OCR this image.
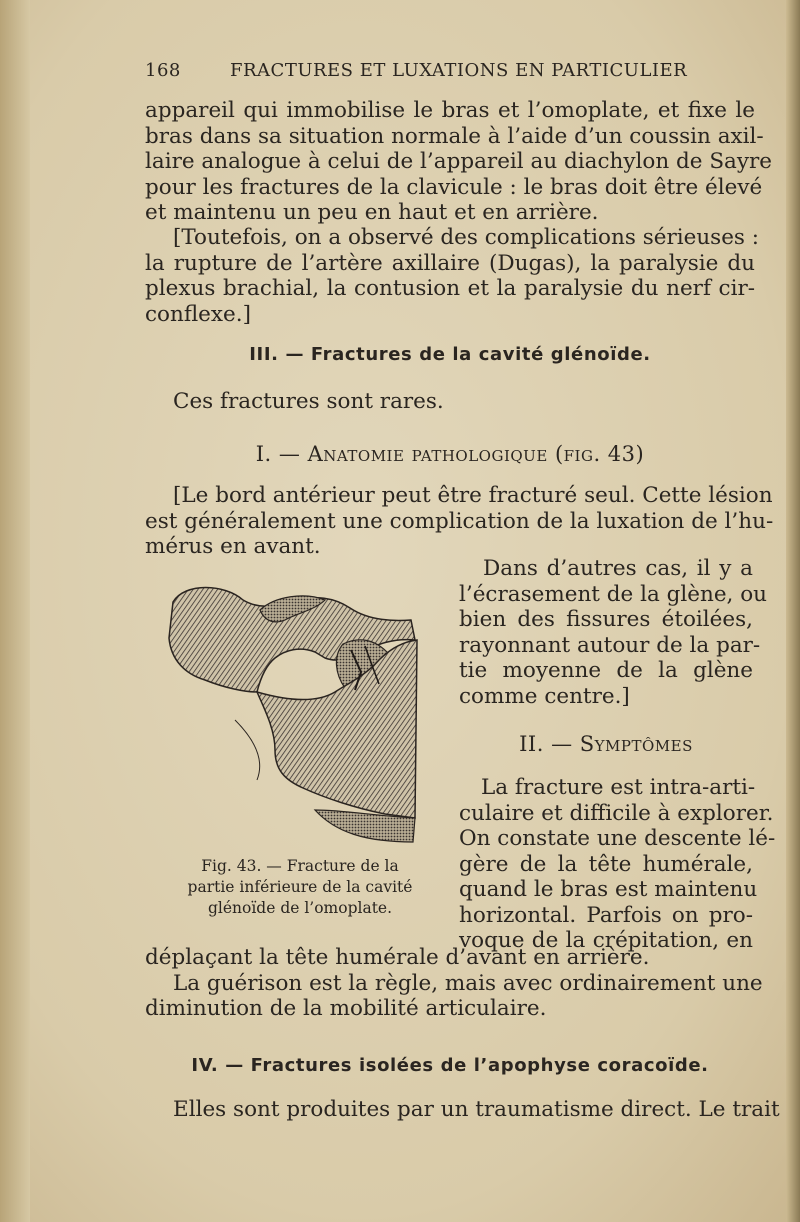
168	FRACTURES ET LUXATIONS EN PARTICULIER
appareil qui immobilise le bras et l’omoplate, et fixe le
bras dans sa situation normale à l’aide d’un coussin axil-
laire analogue à celui de l’appareil au diachylon de Sayre
pour les fractures de la clavicule : le bras doit être élevé
et maintenu un peu en haut et en arrière.
[Toutefois, on a observé des complications sérieuses :
la rupture de l’artère axillaire (Dugas), la paralysie du
plexus brachial, la contusion et la paralysie du nerf cir-
conflexe.]
III. — Fractures de la cavité glénoïde.
Ces fractures sont rares.
I. — Anatomie pathologique (fig. 43)
[Le bord antérieur peut être fracturé seul. Cette lésion
est généralement une complication de la luxation de l’hu-
mérus en avant.
Dans d’autres cas, il y a
l’écrasement de la glène, ou
bien des fissures étoilées,
rayonnant autour de la par-
tie moyenne de la glène
comme centre.]
II. — Symptômes
La fracture est intra-arti-
culaire et difficile à explorer.
On constate une descente lé-
gère de la tête humérale,
quand le bras est maintenu
horizontal. Parfois on pro-
voque de la crépitation, en
déplaçant la tête humérale d’avant en arrière.
La guérison est la règle, mais avec ordinairement une
diminution de la mobilité articulaire.
Fig. 43. — Fracture de la
partie inférieure de la cavité
glénoïde de l’omoplate.
IV. — Fractures isolées de l’apophyse coracoïde.
Elles sont produites par un traumatisme direct. Le trait
